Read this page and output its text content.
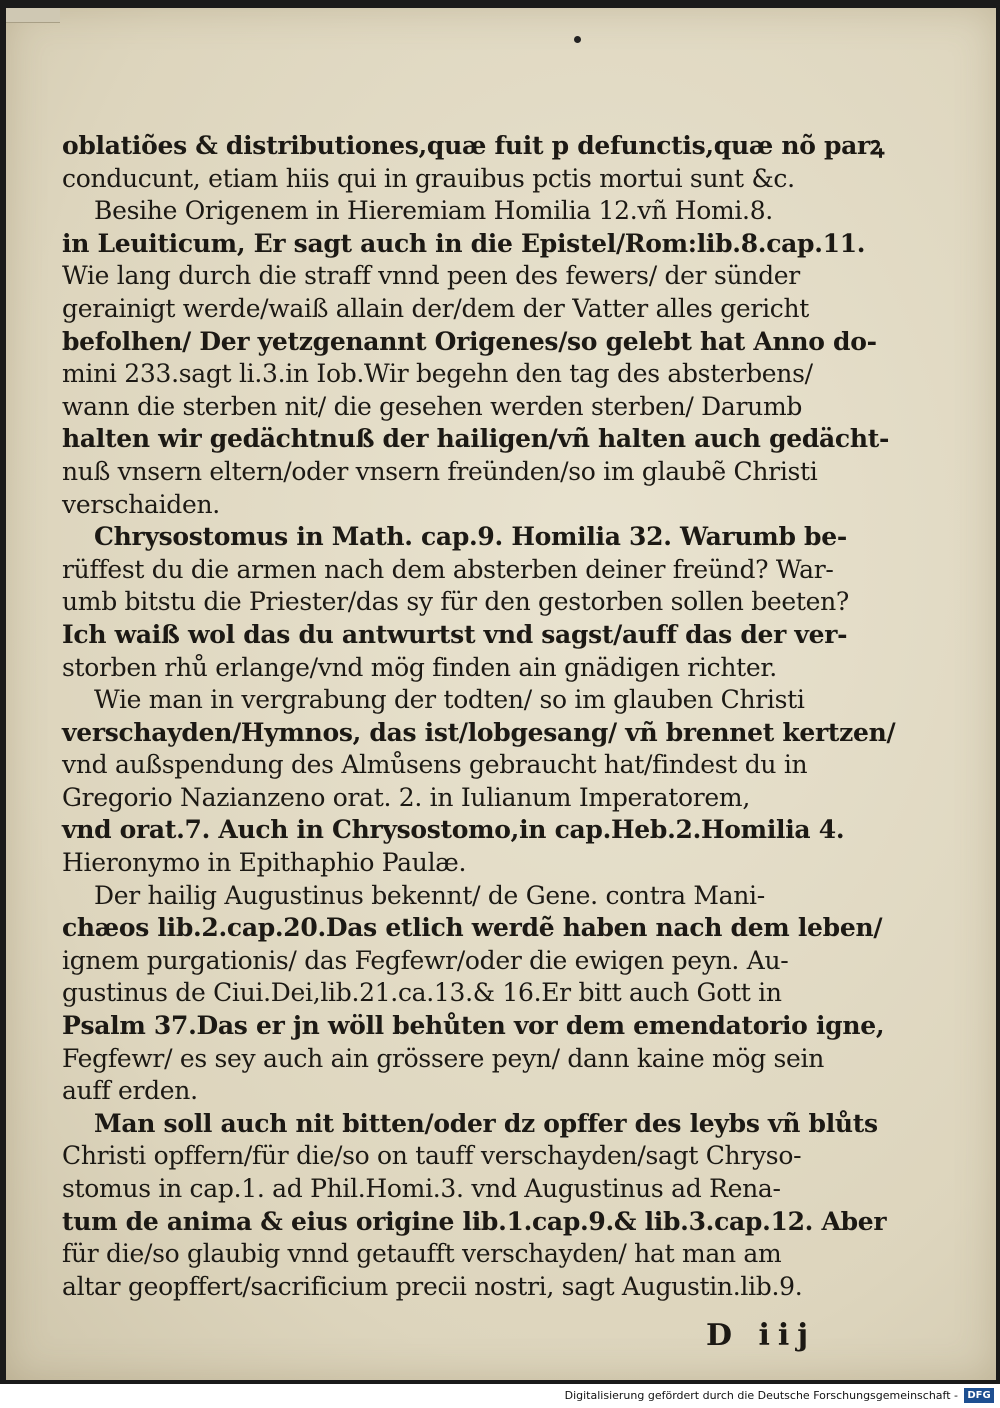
oblatiões & distributiones,quæ fuit p defunctis,quæ nõ parꝝ
conducunt, etiam hiis qui in grauibus pctis mortui sunt &c.
Besihe Origenem in Hieremiam Homilia 12.vñ Homi.8.
in Leuiticum, Er sagt auch in die Epistel/Rom:lib.8.cap.11.
Wie lang durch die straff vnnd peen des fewers/ der sünder
gerainigt werde/waiß allain der/dem der Vatter alles gericht
befolhen/ Der yetzgenannt Origenes/so gelebt hat Anno do-
mini 233.sagt li.3.in Iob.Wir begehn den tag des absterbens/
wann die sterben nit/ die gesehen werden sterben/ Darumb
halten wir gedächtnuß der hailigen/vñ halten auch gedächt-
nuß vnsern eltern/oder vnsern freünden/so im glaubẽ Christi
verschaiden.
Chrysostomus in Math. cap.9. Homilia 32. Warumb be-
rüffest du die armen nach dem absterben deiner freünd? War-
umb bitstu die Priester/das sy für den gestorben sollen beeten?
Ich waiß wol das du antwurtst vnd sagst/auff das der ver-
storben rhů erlange/vnd mög finden ain gnädigen richter.
Wie man in vergrabung der todten/ so im glauben Christi
verschayden/Hymnos, das ist/lobgesang/ vñ brennet kertzen/
vnd außspendung des Almůsens gebraucht hat/findest du in
Gregorio Nazianzeno orat. 2. in Iulianum Imperatorem,
vnd orat.7. Auch in Chrysostomo,in cap.Heb.2.Homilia 4.
Hieronymo in Epithaphio Paulæ.
Der hailig Augustinus bekennt/ de Gene. contra Mani-
chæos lib.2.cap.20.Das etlich werdẽ haben nach dem leben/
ignem purgationis/ das Fegfewr/oder die ewigen peyn. Au-
gustinus de Ciui.Dei,lib.21.ca.13.& 16.Er bitt auch Gott in
Psalm 37.Das er jn wöll behůten vor dem emendatorio igne,
Fegfewr/ es sey auch ain grössere peyn/ dann kaine mög sein
auff erden.
Man soll auch nit bitten/oder dz opffer des leybs vñ blůts
Christi opffern/für die/so on tauff verschayden/sagt Chryso-
stomus in cap.1. ad Phil.Homi.3. vnd Augustinus ad Rena-
tum de anima & eius origine lib.1.cap.9.& lib.3.cap.12. Aber
für die/so glaubig vnnd getaufft verschayden/ hat man am
altar geopffert/sacrificium precii nostri, sagt Augustin.lib.9.
D iij
Digitalisierung gefördert durch die Deutsche Forschungsgemeinschaft - DFG
